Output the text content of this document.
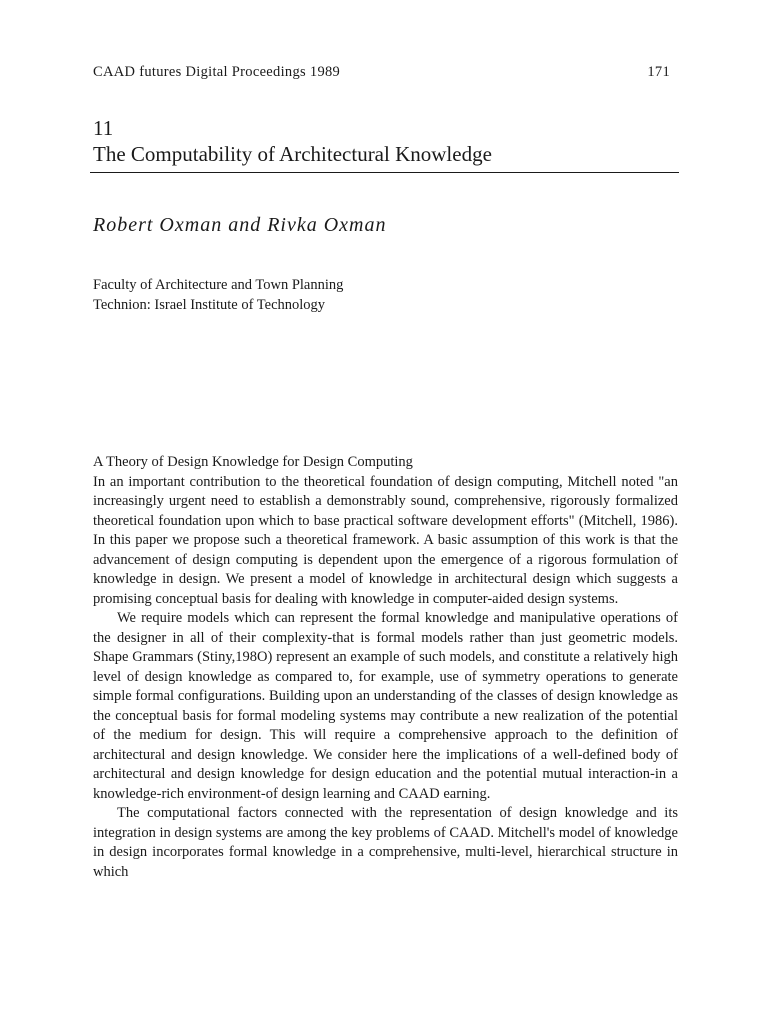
CAAD futures Digital Proceedings 1989	171
11
The Computability of Architectural Knowledge
Robert Oxman and Rivka Oxman
Faculty of Architecture and Town Planning
Technion: Israel Institute of Technology
A Theory of Design Knowledge for Design Computing

In an important contribution to the theoretical foundation of design computing, Mitchell noted "an increasingly urgent need to establish a demonstrably sound, comprehensive, rigorously formalized theoretical foundation upon which to base practical software development efforts" (Mitchell, 1986). In this paper we propose such a theoretical framework. A basic assumption of this work is that the advancement of design computing is dependent upon the emergence of a rigorous formulation of knowledge in design. We present a model of knowledge in architectural design which suggests a promising conceptual basis for dealing with knowledge in computer-aided design systems.

We require models which can represent the formal knowledge and manipulative operations of the designer in all of their complexity-that is formal models rather than just geometric models. Shape Grammars (Stiny,198O) represent an example of such models, and constitute a relatively high level of design knowledge as compared to, for example, use of symmetry operations to generate simple formal configurations. Building upon an understanding of the classes of design knowledge as the conceptual basis for formal modeling systems may contribute a new realization of the potential of the medium for design. This will require a comprehensive approach to the definition of architectural and design knowledge. We consider here the implications of a well-defined body of architectural and design knowledge for design education and the potential mutual interaction-in a knowledge-rich environment-of design learning and CAAD earning.

The computational factors connected with the representation of design knowledge and its integration in design systems are among the key problems of CAAD. Mitchell's model of knowledge in design incorporates formal knowledge in a comprehensive, multi-level, hierarchical structure in which
